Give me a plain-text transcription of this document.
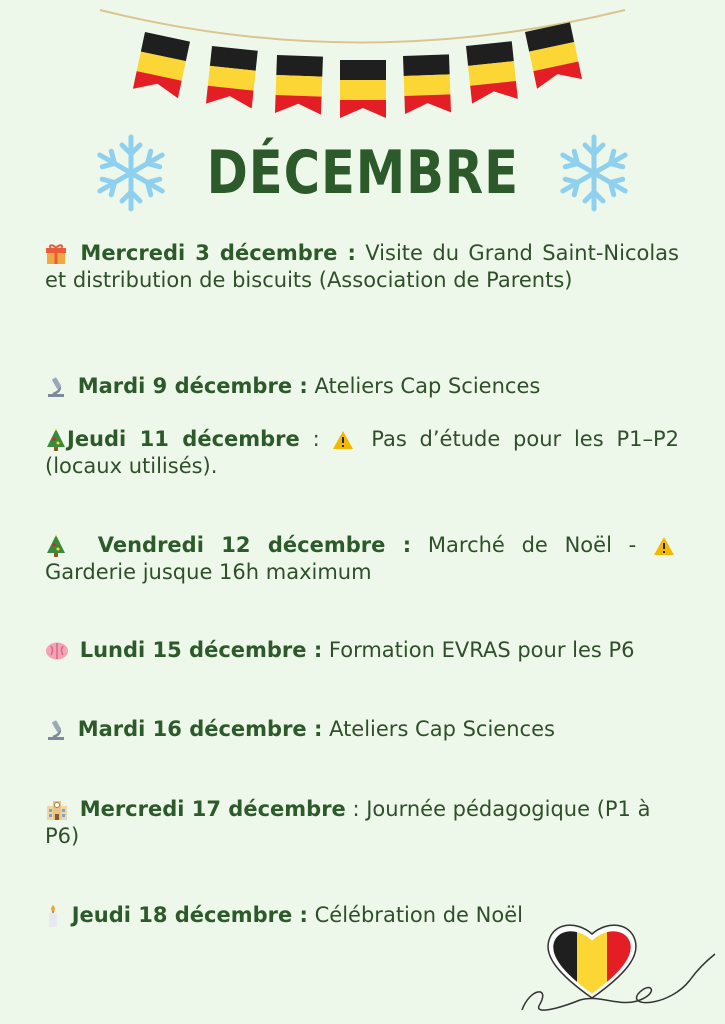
DÉCEMBRE
Mercredi 3 décembre : Visite du Grand Saint-Nicolas et distribution de biscuits (Association de Parents)
Mardi 9 décembre : Ateliers Cap Sciences
Jeudi 11 décembre :
Pas d’étude pour les P1–P2 (locaux utilisés).
Vendredi 12 décembre : Marché de Noël -
Garderie jusque 16h maximum
Lundi 15 décembre : Formation EVRAS pour les P6
Mardi 16 décembre : Ateliers Cap Sciences
Mercredi 17 décembre : Journée pédagogique (P1 à P6)
Jeudi 18 décembre : Célébration de Noël
